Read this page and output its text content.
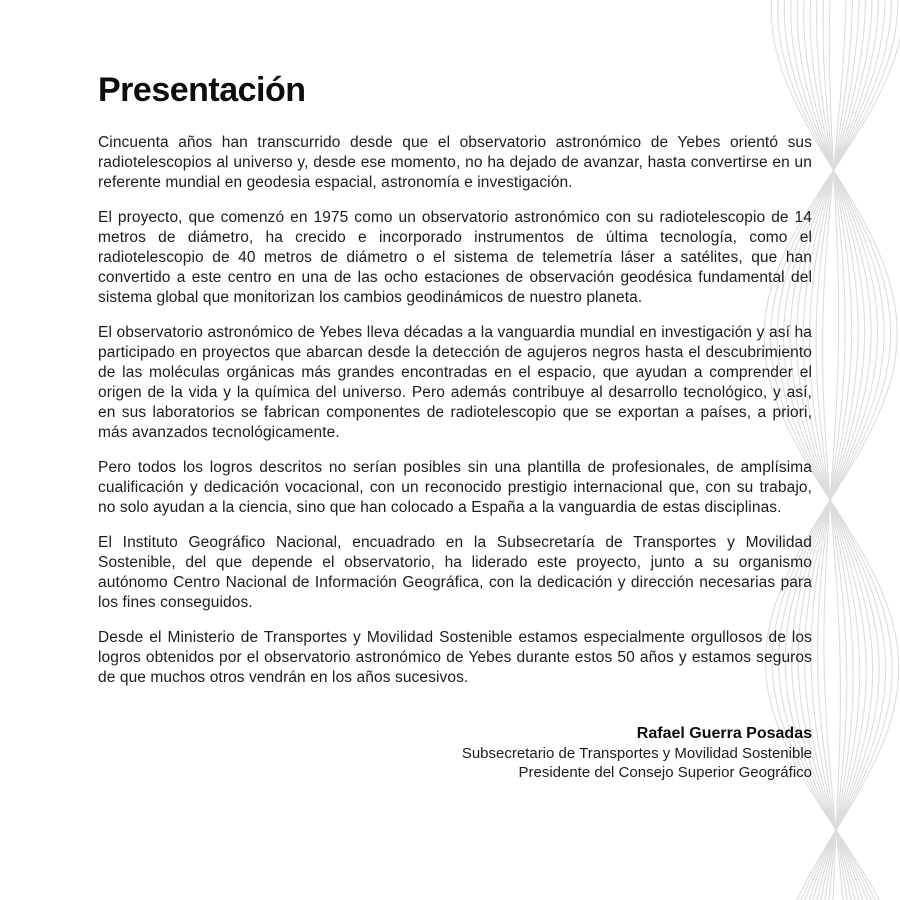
Presentación

Cincuenta años han transcurrido desde que el observatorio astronómico de Yebes orientó sus radiotelescopios al universo y, desde ese momento, no ha dejado de avanzar, hasta convertirse en un referente mundial en geodesia espacial, astronomía e investigación.

El proyecto, que comenzó en 1975 como un observatorio astronómico con su radiotelescopio de 14 metros de diámetro, ha crecido e incorporado instrumentos de última tecnología, como el radiotelescopio de 40 metros de diámetro o el sistema de telemetría láser a satélites, que han convertido a este centro en una de las ocho estaciones de observación geodésica fundamental del sistema global que monitorizan los cambios geodinámicos de nuestro planeta.

El observatorio astronómico de Yebes lleva décadas a la vanguardia mundial en investigación y así ha participado en proyectos que abarcan desde la detección de agujeros negros hasta el descubrimiento de las moléculas orgánicas más grandes encontradas en el espacio, que ayudan a comprender el origen de la vida y la química del universo. Pero además contribuye al desarrollo tecnológico, y así, en sus laboratorios se fabrican componentes de radiotelescopio que se exportan a países, a priori, más avanzados tecnológicamente.

Pero todos los logros descritos no serían posibles sin una plantilla de profesionales, de amplísima cualificación y dedicación vocacional, con un reconocido prestigio internacional que, con su trabajo, no solo ayudan a la ciencia, sino que han colocado a España a la vanguardia de estas disciplinas.

El Instituto Geográfico Nacional, encuadrado en la Subsecretaría de Transportes y Movilidad Sostenible, del que depende el observatorio, ha liderado este proyecto, junto a su organismo autónomo Centro Nacional de Información Geográfica, con la dedicación y dirección necesarias para los fines conseguidos.

Desde el Ministerio de Transportes y Movilidad Sostenible estamos especialmente orgullosos de los logros obtenidos por el observatorio astronómico de Yebes durante estos 50 años y estamos seguros de que muchos otros vendrán en los años sucesivos.

Rafael Guerra Posadas
Subsecretario de Transportes y Movilidad Sostenible
Presidente del Consejo Superior Geográfico
